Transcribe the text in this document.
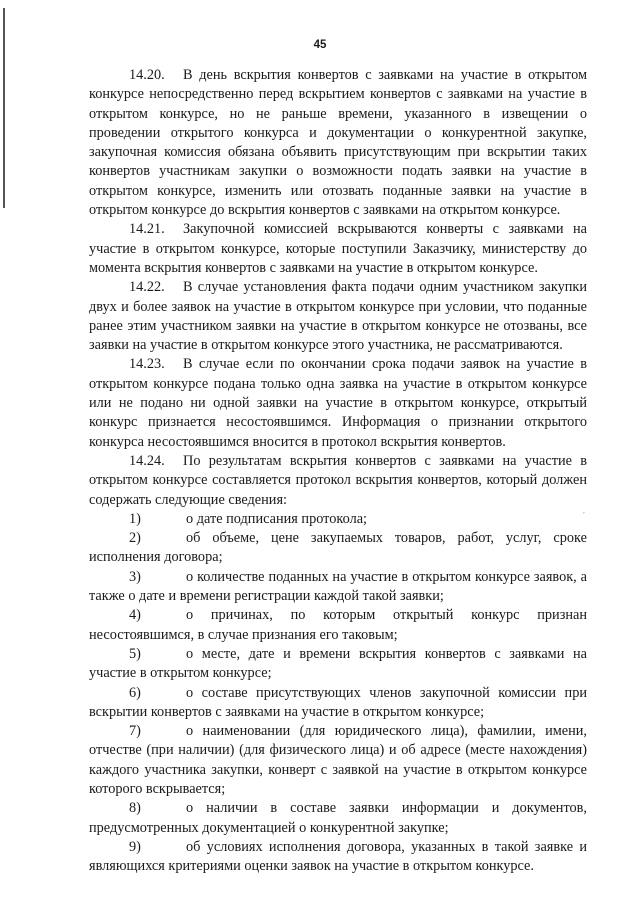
45
′

14.20. В день вскрытия конвертов с заявками на участие в открытом конкурсе непосредственно перед вскрытием конвертов с заявками на участие в открытом конкурсе, но не раньше времени, указанного в извещении о проведении открытого конкурса и документации о конкурентной закупке, закупочная комиссия обязана объявить присутствующим при вскрытии таких конвертов участникам закупки о возможности подать заявки на участие в открытом конкурсе, изменить или отозвать поданные заявки на участие в открытом конкурсе до вскрытия конвертов с заявками на открытом конкурсе.

14.21. Закупочной комиссией вскрываются конверты с заявками на участие в открытом конкурсе, которые поступили Заказчику, министерству до момента вскрытия конвертов с заявками на участие в открытом конкурсе.

14.22. В случае установления факта подачи одним участником закупки двух и более заявок на участие в открытом конкурсе при условии, что поданные ранее этим участником заявки на участие в открытом конкурсе не отозваны, все заявки на участие в открытом конкурсе этого участника, не рассматриваются.

14.23. В случае если по окончании срока подачи заявок на участие в открытом конкурсе подана только одна заявка на участие в открытом конкурсе или не подано ни одной заявки на участие в открытом конкурсе, открытый конкурс признается несостоявшимся. Информация о признании открытого конкурса несостоявшимся вносится в протокол вскрытия конвертов.

14.24. По результатам вскрытия конвертов с заявками на участие в открытом конкурсе составляется протокол вскрытия конвертов, который должен содержать следующие сведения:

1)	о дате подписания протокола;

2)	об объеме, цене закупаемых товаров, работ, услуг, сроке исполнения договора;

3)	о количестве поданных на участие в открытом конкурсе заявок, а также о дате и времени регистрации каждой такой заявки;

4)	о причинах, по которым открытый конкурс признан несостоявшимся, в случае признания его таковым;

5)	о месте, дате и времени вскрытия конвертов с заявками на участие в открытом конкурсе;

6)	о составе присутствующих членов закупочной комиссии при вскрытии конвертов с заявками на участие в открытом конкурсе;

7)	о наименовании (для юридического лица), фамилии, имени, отчестве (при наличии) (для физического лица) и об адресе (месте нахождения) каждого участника закупки, конверт с заявкой на участие в открытом конкурсе которого вскрывается;

8)	о наличии в составе заявки информации и документов, предусмотренных документацией о конкурентной закупке;

9)	об условиях исполнения договора, указанных в такой заявке и являющихся критериями оценки заявок на участие в открытом конкурсе.
